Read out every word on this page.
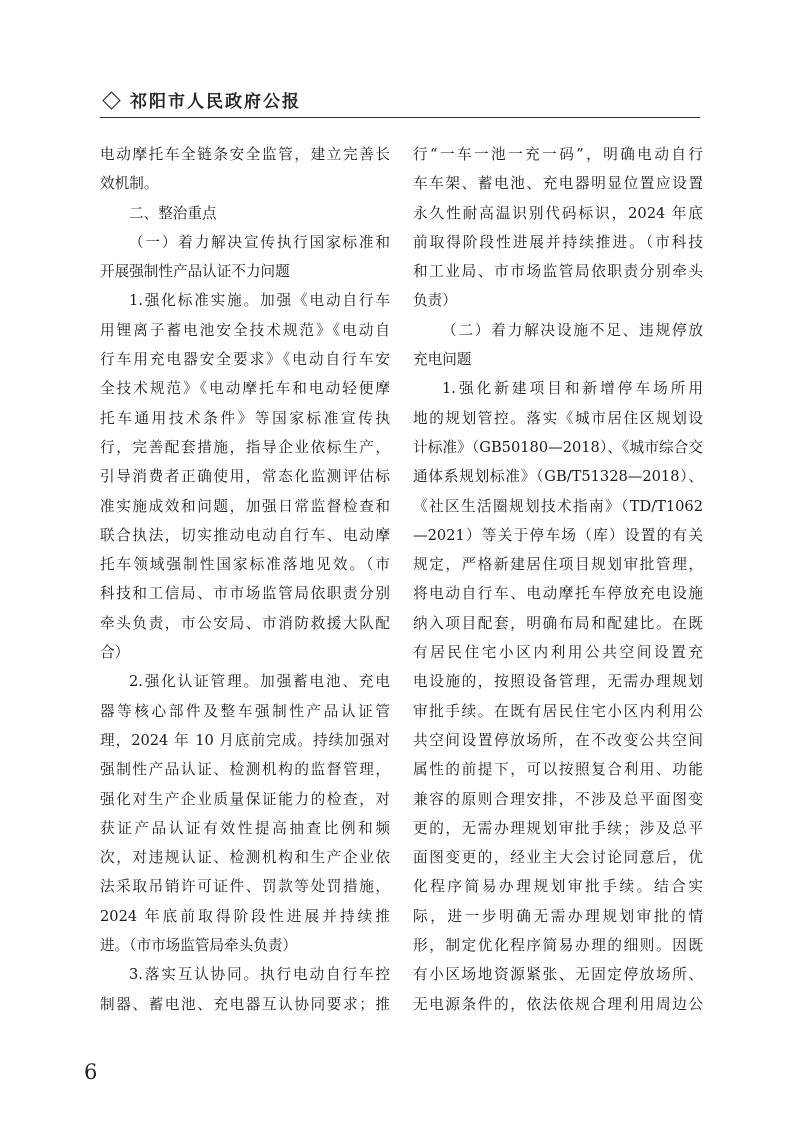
祁阳市人民政府公报
电动摩托车全链条安全监管，建立完善长
效机制。
二、整治重点
（一）着力解决宣传执行国家标准和
开展强制性产品认证不力问题
1.强化标准实施。加强《电动自行车
用锂离子蓄电池安全技术规范》《电动自
行车用充电器安全要求》《电动自行车安
全技术规范》《电动摩托车和电动轻便摩
托车通用技术条件》等国家标准宣传执
行，完善配套措施，指导企业依标生产，
引导消费者正确使用，常态化监测评估标
准实施成效和问题，加强日常监督检查和
联合执法，切实推动电动自行车、电动摩
托车领域强制性国家标准落地见效。（市
科技和工信局、市市场监管局依职责分别
牵头负责，市公安局、市消防救援大队配
合）
2.强化认证管理。加强蓄电池、充电
器等核心部件及整车强制性产品认证管
理，2024 年 10 月底前完成。持续加强对
强制性产品认证、检测机构的监督管理，
强化对生产企业质量保证能力的检查，对
获证产品认证有效性提高抽查比例和频
次，对违规认证、检测机构和生产企业依
法采取吊销许可证件、罚款等处罚措施，
2024 年底前取得阶段性进展并持续推
进。（市市场监管局牵头负责）
3.落实互认协同。执行电动自行车控
制器、蓄电池、充电器互认协同要求；推
行“一车一池一充一码”，明确电动自行
车车架、蓄电池、充电器明显位置应设置
永久性耐高温识别代码标识，2024 年底
前取得阶段性进展并持续推进。（市科技
和工业局、市市场监管局依职责分别牵头
负责）
（二）着力解决设施不足、违规停放
充电问题
1.强化新建项目和新增停车场所用
地的规划管控。落实《城市居住区规划设
计标准》（GB50180—2018）、《城市综合交
通体系规划标准》（GB/T51328—2018）、
《社区生活圈规划技术指南》（TD/T1062
—2021）等关于停车场（库）设置的有关
规定，严格新建居住项目规划审批管理，
将电动自行车、电动摩托车停放充电设施
纳入项目配套，明确布局和配建比。在既
有居民住宅小区内利用公共空间设置充
电设施的，按照设备管理，无需办理规划
审批手续。在既有居民住宅小区内利用公
共空间设置停放场所，在不改变公共空间
属性的前提下，可以按照复合利用、功能
兼容的原则合理安排，不涉及总平面图变
更的，无需办理规划审批手续；涉及总平
面图变更的，经业主大会讨论同意后，优
化程序简易办理规划审批手续。结合实
际，进一步明确无需办理规划审批的情
形，制定优化程序简易办理的细则。因既
有小区场地资源紧张、无固定停放场所、
无电源条件的，依法依规合理利用周边公
6
